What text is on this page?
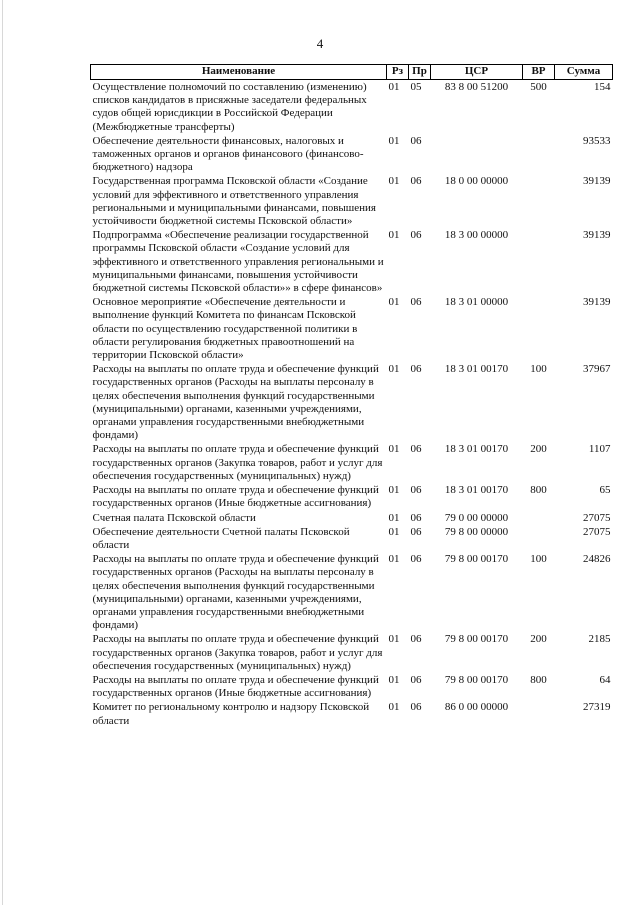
4
Наименование	Рз	Пр	ЦСР	ВР	Сумма
Осуществление полномочий по составлению (изменению) списков кандидатов в присяжные заседатели федеральных судов общей юрисдикции в Российской Федерации (Межбюджетные трансферты)	01	05	83 8 00 51200	500	154
Обеспечение деятельности финансовых, налоговых и таможенных органов и органов финансового (финансово-бюджетного) надзора	01	06			93533
Государственная программа Псковской области «Создание условий для эффективного и ответственного управления региональными и муниципальными финансами, повышения устойчивости бюджетной системы Псковской области»	01	06	18 0 00 00000		39139
Подпрограмма «Обеспечение реализации государственной программы Псковской области «Создание условий для эффективного и ответственного управления региональными и муниципальными финансами, повышения устойчивости бюджетной системы Псковской области»» в сфере финансов»	01	06	18 3 00 00000		39139
Основное мероприятие «Обеспечение деятельности и выполнение функций Комитета по финансам Псковской области по осуществлению государственной политики в области регулирования бюджетных правоотношений на территории Псковской области»	01	06	18 3 01 00000		39139
Расходы на выплаты по оплате труда и обеспечение функций государственных органов (Расходы на выплаты персоналу в целях обеспечения выполнения функций государственными (муниципальными) органами, казенными учреждениями, органами управления государственными внебюджетными фондами)	01	06	18 3 01 00170	100	37967
Расходы на выплаты по оплате труда и обеспечение функций государственных органов (Закупка товаров, работ и услуг для обеспечения государственных (муниципальных) нужд)	01	06	18 3 01 00170	200	1107
Расходы на выплаты по оплате труда и обеспечение функций государственных органов (Иные бюджетные ассигнования)	01	06	18 3 01 00170	800	65
Счетная палата Псковской области	01	06	79 0 00 00000		27075
Обеспечение деятельности Счетной палаты Псковской области	01	06	79 8 00 00000		27075
Расходы на выплаты по оплате труда и обеспечение функций государственных органов (Расходы на выплаты персоналу в целях обеспечения выполнения функций государственными (муниципальными) органами, казенными учреждениями, органами управления государственными внебюджетными фондами)	01	06	79 8 00 00170	100	24826
Расходы на выплаты по оплате труда и обеспечение функций государственных органов (Закупка товаров, работ и услуг для обеспечения государственных (муниципальных) нужд)	01	06	79 8 00 00170	200	2185
Расходы на выплаты по оплате труда и обеспечение функций государственных органов (Иные бюджетные ассигнования)	01	06	79 8 00 00170	800	64
Комитет по региональному контролю и надзору Псковской области	01	06	86 0 00 00000		27319
